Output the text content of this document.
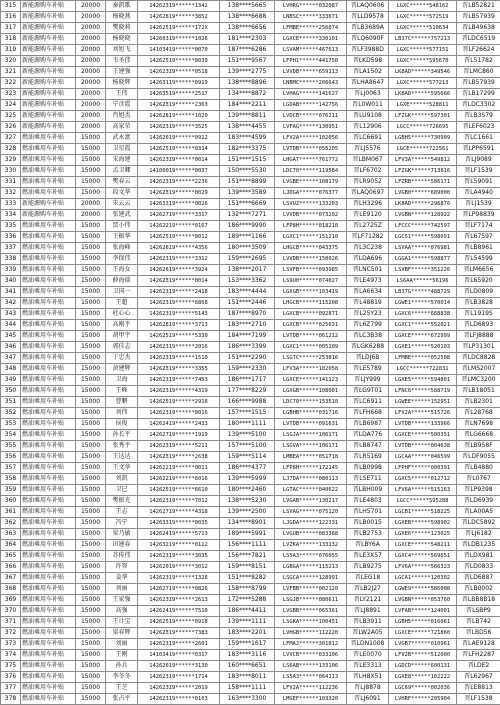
315	新能源购车补贴	20000	秦凯歌	14262319******1342	138****5665	LVHRG******032087	晋LAQ0606	LGXC******548162	晋LB52821
316	新能源购车补贴	20000	杨晓燕	14262819******3852	138****6688	LNBSC******333671	晋LLD9578	LGXC******572519	晋LB57939
317	新能源购车补贴	20000	樊晓莉	14262519******172X	138****6656	LFMBE******256074	晋LB3689A	LGXC******510634	晋LB49638
318	新能源购车补贴	20000	杨晓晓	14260319******1026	181****2303	LGXCE******330101	晋LQ6090F	LB37C******757213	晋LDC6519
319	新能源购车补贴	20000	刘旭飞	14103419******0070	187****6286	LSVAM******467613	晋LF3988D	LGXC******577151	晋LF26624
320	新能源购车补贴	20000	韦圣伟	14262519******0039	151****9567	LFPH1******441750	晋LKD598	LGXC******595670	晋L51782
321	新能源购车补贴	20000	王建强	14262319******0518	139****2775	LVVDB******659113	晋LA1502	LK8AD******349546	晋LMC860
322	新能源购车补贴	20000	杨晓辉	14263119******0919	138****8896	LNBMC******206643	晋LHA8647	LGXC******577213	晋LB57939
323	新能源购车补贴	20000	王伟	14263519******2517	134****8872	LVHAG******141627	晋LJ0063	LK8AD******595666	晋LB17299
324	新能源购车补贴	20000	宁彦霞	14262319******2363	184****2211	LGDAB******142756	晋L0W011	LGXE******528811	晋LDC3302
325	新能源购车补贴	20000	肖旭杰	14262819******1020	139****8811	LVDCB******076211	晋LU9108	LFZGK******597301	晋LB3S79
326	新能源购车补贴	20000	高家荣	14262319******3525	138****4455	LVFAG******130951	晋L12906	LGCC******726695	晋LEF6023
327	燃油乘用车补贴	15000	武永富	14262619******0912	183****4599	LFV2A******102056	晋LC6691	LGBH5******730909	晋LC1661
328	燃油乘用车补贴	15000	卫星霞	14262519******0314	182****3375	LVTDB******055205	晋LJ5576	LGCE******722561	晋LPP6591
329	燃油乘用车补贴	15000	宋海建	14262319******0014	151****1515	LHGAT******761772	晋LBM067	LFV3A******549812	晋LJ9089
330	燃油乘用车补贴	15000	孟卫卿	14100019******0037	150****5530	LDC70******119584	晋LF6702	LFZGK******713816	晋LF1539
331	燃油乘用车补贴	15000	樊春云	14262319******2236	151****8899	LVGBE******108179	晋LR9052	LFZRB******586171	晋L59091
332	燃油乘用车补贴	15000	段文华	14262319******0029	139****3589	LJDGA******076377	晋LAQ0697	LVGB0******689000	晋LA4940
333	新能源购车补贴	20000	朱云云	14263319******0026	151****6669	LSVUZ******133203	晋LH3296	LK8AD******296876	晋LJ1539
334	新能源购车补贴	20000	张建武	14262719******3317	132****7271	LVVDB******073202	晋LE9120	LVGBN******128922	晋LP98839
335	燃油乘用车补贴	15000	贾小伟	14262219******0167	186****9990	LFP8H******018210	晋L2725Z	LFCCC******742597	晋LF7174
336	燃油乘用车补贴	15000	王振华	14262519******0012	189****1166	LGXC1******151210	晋LF71282	LGC51******598691	晋L67597
337	燃油乘用车补贴	15000	张海峰	14262619******4356	180****3509	LHGCB******043375	晋L3C238	LSVAA******076981	晋LB8961
338	燃油乘用车补贴	15000	李保伟	14262319******3312	159****2695	LVVDB******150026	晋LDA696	LGGA1******598877	晋L54599
339	燃油乘用车补贴	15000	王海女	14262619******3924	138****2017	LSVFB******093985	晋LNC501	LSVBF******351226	晋LM6656
340	燃油乘用车补贴	15000	薛海瑞	14262319******0014	153****3362	LS9U0******074027	晋LE4973	LS6AA******56196	晋L65920
341	燃油乘用车补贴	15000	卫国一	14262319******2418	183****4444	LGXGB******103419	晋LA6634	LB37G******488729	晋LD0809
342	燃油乘用车补贴	15000	王超	14262319******6868	151****2446	LHGCB******115208	晋L48819	LGWE1******570014	晋LB3828
343	燃油乘用车补贴	15000	杜心心	14262319******5143	187****8970	LGXCB******092871	晋L25Y23	LGXC6******668838	晋L1919S
344	燃油乘用车补贴	15000	高刚平	14262819******3713	183****2710	LGXCB******025631	晋L6Z799	LGXC1******552021	晋LD6893
345	燃油乘用车补贴	15000	胡甲宇	14262519******5330	184****7199	LVTDB******061212	晋LC3B38	LGXCE******672999	晋LFJ8888
346	燃油乘用车补贴	15000	郭佳志	14262319******2016	186****3399	LGXC1******005109	晋LGK6288	LGXE1******520103	晋LP31301
347	燃油乘用车补贴	15000	于忠杰	14262319******1510	151****2290	LSGTC******253816	晋LDJ6B	LFMBE******052508	晋LDC8828
348	燃油乘用车补贴	15000	黄建辉	14262319******3355	159****2330	LFV3A******102058	晋LE5789	LGCC******722031	晋LMS2007
349	燃油乘用车补贴	15000	卫海	14262319******7453	186****1717	LGXCE******141123	晋LJY999	LGXE5******594801	晋LMC3200
350	燃油乘用车补贴	15000	王峰	14262319******4319	177****8229	LGXGB******108001	晋LG9T01	LFNC6******588719	晋LB18051
351	燃油乘用车补贴	15000	曹鹏	14262519******2916	166****9988	LDC70******153510	晋LC6911	LGWEE******152951	晋LB2301
352	燃油乘用车补贴	15000	刘伟	14262319******0016	157****1515	LGBHB******031716	晋LFH668	LFV2A******515726	晋L28768
353	燃油乘用车补贴	15000	侯俊	14262419******2433	180****1111	LVTDB******091631	晋LB6987	LVTDB******133966	晋LN7698
354	燃油乘用车补贴	15000	孙长平	14262719******1919	139****5100	LSGJA******106171	晋LDA776	LGXCE******500351	晋LG6668
355	燃油乘用车补贴	15000	张秀平	14262319******5211	157****5100	LSGVA******106171	晋LB8747	LVTDB******004638	晋LB958F
356	燃油乘用车补贴	15000	王达达	14262319******2638	159****5114	LMBEA******051718	晋LR5169	LGCAA******046599	晋LDF9055
357	燃油乘用车补贴	15000	王文华	14262219******0011	186****4377	LFP8H******172145	晋LB0998	LFPHF******000391	晋LB4880
358	燃油乘用车补贴	15000	刘凯	14262219******6016	139****5999	LJ7DA******080113	晋LSE711	LGXC5******012712	晋L0767
359	燃油乘用车补贴	15000	卫巳	14262519******6610	180****2460	LGTAC******040622	晋LBH009	LFV6A******515163	晋LP9398
360	燃油乘用车补贴	15000	樊振光	14262319******7012	138****5230	LVGAB******130217	晋LE4803	LGCC******595288	晋LD6939
361	燃油乘用车补贴	15000	王志	14262719******4318	139****2500	LSVAG******075120	晋LH5701	LGCB1******518225	晋LA00A5
362	燃油乘用车补贴	15000	冯宁	14263319******0035	134****8901	LJGDA******122331	晋LB0015	LGXEB******598902	晋LDC5892
363	燃油乘用车补贴	15000	梁乃敏	14262419******5713	189****5991	LVGUB******083368	晋LB2753	LGXE6******123025	晋LJ6182
364	燃油乘用车补贴	15000	田建春	14263219******0112	156****1111	LVZKA******133132	晋LBY6A	LGXCE******548211	晋LDB1235
365	燃油乘用车补贴	15000	苏传伟	14262319******3035	156****7821	LS5A3******076055	晋LE3X57	LGXC4******569651	晋LDX981
366	燃油乘用车补贴	15000	许智	14262019******3012	159****8151	LGBGA******115213	晋LB9275	LFV6A******566323	晋LD0833
367	燃油乘用车补贴	15000	姜华	14262319******1326	151****8282	LSGCA******128991	晋LEG18	LGCA1******120302	晋LD6887
368	燃油乘用车补贴	15000	刘丽	14262719******0826	158****8799	LVFBB******002120	晋LB2J27	LGWE9******586008	晋LB0002
369	燃油乘用车补贴	15000	王家强	14262319******2613	172****5288	LSGJB******080611	晋LY2121	LVGBN******053760	晋LBB8B18
370	燃油乘用车补贴	15000	高强	14262419******7510	186****4411	LVGBB******065361	晋LJ8891	LVFAB******124001	晋LSBP9
371	燃油乘用车补贴	15000	王计宝	14262519******0918	139****1111	LSGKA******100451	晋LB3911	LGBH5******016061	晋LB742
372	燃油乘用车补贴	15000	梁春辉	14262319******7383	183****2201	LVHGB******112220	晋LW2A05	LGXCE******721860	晋LBD56
373	燃油乘用车补贴	15000	刘丽	14262319******2601	159****1617	LFMAJ******301812	晋LDN1008	LVGB7******010961	晋LAE9128
374	燃油乘用车补贴	15000	王刚	14103419******0317	183****3116	LVVCB******033106	晋LE0070	LFV2B******512000	晋LFH2287
375	燃油乘用车补贴	15000	孙兵	14262619******3130	160****6651	LS6AB******133106	晋LE3313	LGDCD******600131	晋LDE2
376	燃油乘用车补贴	15000	李冬冬	14262319******1714	183****8011	LS5A3******064113	晋LH8X51	LGXE8******102222	晋L62967
377	燃油乘用车补贴	15000	王芝	14262319******2019	158****1111	LFV2A******112236	晋LJ8878	LGC69******002036	晋LE8813
378	燃油乘用车补贴	15000	张占平	14262319******0103	163****3300	LMGEF******103320	晋LJ6091	LVHRF******205904	晋LF1538
